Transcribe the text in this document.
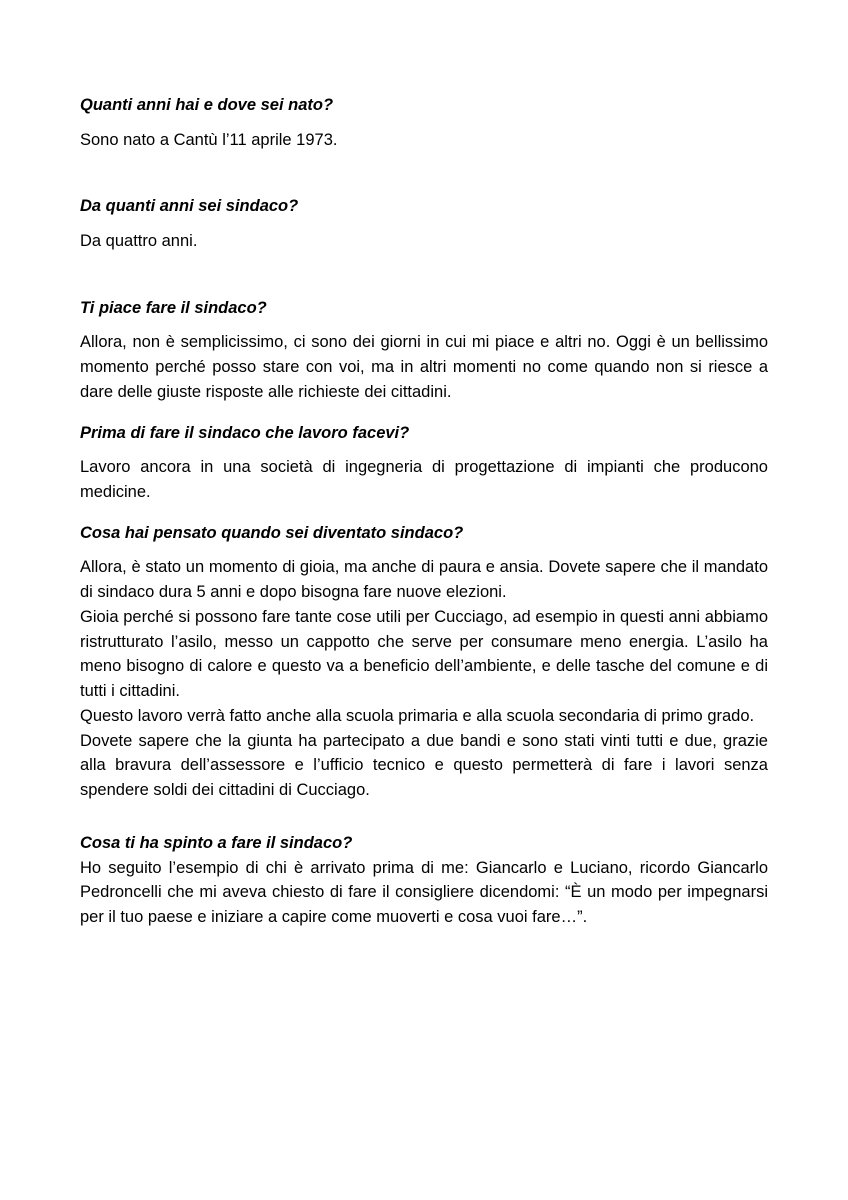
Quanti anni hai e dove sei nato?

Sono nato a Cantù l’11 aprile 1973.

Da quanti anni sei sindaco?

Da quattro anni.

Ti piace fare il sindaco?

Allora, non è semplicissimo, ci sono dei giorni in cui mi piace e altri no. Oggi è un bellissimo momento perché posso stare con voi, ma in altri momenti no come quando non si riesce a dare delle giuste risposte alle richieste dei cittadini.

Prima di fare il sindaco che lavoro facevi?

Lavoro ancora in una società di ingegneria di progettazione di impianti che producono medicine.

Cosa hai pensato quando sei diventato sindaco?

Allora, è stato un momento di gioia, ma anche di paura e ansia. Dovete sapere che il mandato di sindaco dura 5 anni e dopo bisogna fare nuove elezioni.

Gioia perché si possono fare tante cose utili per Cucciago, ad esempio in questi anni abbiamo ristrutturato l’asilo, messo un cappotto che serve per consumare meno energia. L’asilo ha meno bisogno di calore e questo va a beneficio dell’ambiente, e delle tasche del comune e di tutti i cittadini.

Questo lavoro verrà fatto anche alla scuola primaria e alla scuola secondaria di primo grado.

Dovete sapere che la giunta ha partecipato a due bandi e sono stati vinti tutti e due, grazie alla bravura dell’assessore e l’ufficio tecnico e questo permetterà di fare i lavori senza spendere soldi dei cittadini di Cucciago.

Cosa ti ha spinto a fare il sindaco?

Ho seguito l’esempio di chi è arrivato prima di me: Giancarlo e Luciano, ricordo Giancarlo Pedroncelli che mi aveva chiesto di fare il consigliere dicendomi: “È un modo per impegnarsi per il tuo paese e iniziare a capire come muoverti e cosa vuoi fare…”.
